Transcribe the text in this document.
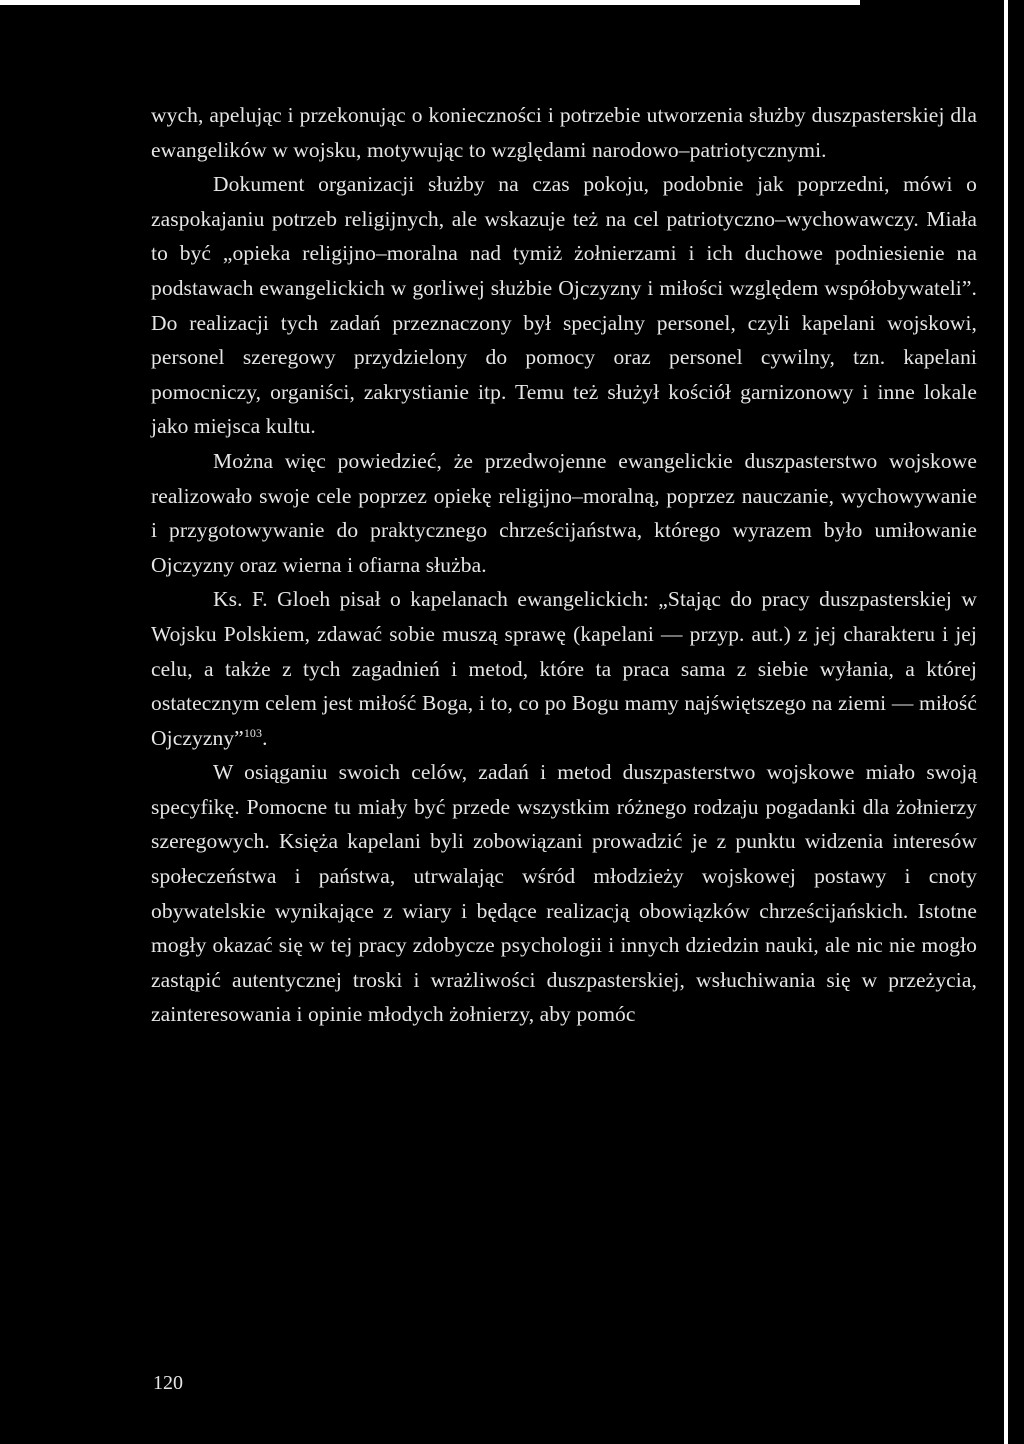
wych, apelując i przekonując o konieczności i potrzebie utworzenia służby duszpasterskiej dla ewangelików w wojsku, motywując to względami narodowo–patriotycznymi.

Dokument organizacji służby na czas pokoju, podobnie jak poprzedni, mówi o zaspokajaniu potrzeb religijnych, ale wskazuje też na cel patriotyczno–wychowawczy. Miała to być „opieka religijno–moralna nad tymiż żołnierzami i ich duchowe podniesienie na podstawach ewangelickich w gorliwej służbie Ojczyzny i miłości względem współobywateli”. Do realizacji tych zadań przeznaczony był specjalny personel, czyli kapelani wojskowi, personel szeregowy przydzielony do pomocy oraz personel cywilny, tzn. kapelani pomocniczy, organiści, zakrystianie itp. Temu też służył kościół garnizonowy i inne lokale jako miejsca kultu.

Można więc powiedzieć, że przedwojenne ewangelickie duszpasterstwo wojskowe realizowało swoje cele poprzez opiekę religijno–moralną, poprzez nauczanie, wychowywanie i przygotowywanie do praktycznego chrześcijaństwa, którego wyrazem było umiłowanie Ojczyzny oraz wierna i ofiarna służba.

Ks. F. Gloeh pisał o kapelanach ewangelickich: „Stając do pracy duszpasterskiej w Wojsku Polskiem, zdawać sobie muszą sprawę (kapelani — przyp. aut.) z jej charakteru i jej celu, a także z tych zagadnień i metod, które ta praca sama z siebie wyłania, a której ostatecznym celem jest miłość Boga, i to, co po Bogu mamy najświętszego na ziemi — miłość Ojczyzny”$^{103}$.

W osiąganiu swoich celów, zadań i metod duszpasterstwo wojskowe miało swoją specyfikę. Pomocne tu miały być przede wszystkim różnego rodzaju pogadanki dla żołnierzy szeregowych. Księża kapelani byli zobowiązani prowadzić je z punktu widzenia interesów społeczeństwa i państwa, utrwalając wśród młodzieży wojskowej postawy i cnoty obywatelskie wynikające z wiary i będące realizacją obowiązków chrześcijańskich. Istotne mogły okazać się w tej pracy zdobycze psychologii i innych dziedzin nauki, ale nic nie mogło zastąpić autentycznej troski i wrażliwości duszpasterskiej, wsłuchiwania się w przeżycia, zainteresowania i opinie młodych żołnierzy, aby pomóc

120
